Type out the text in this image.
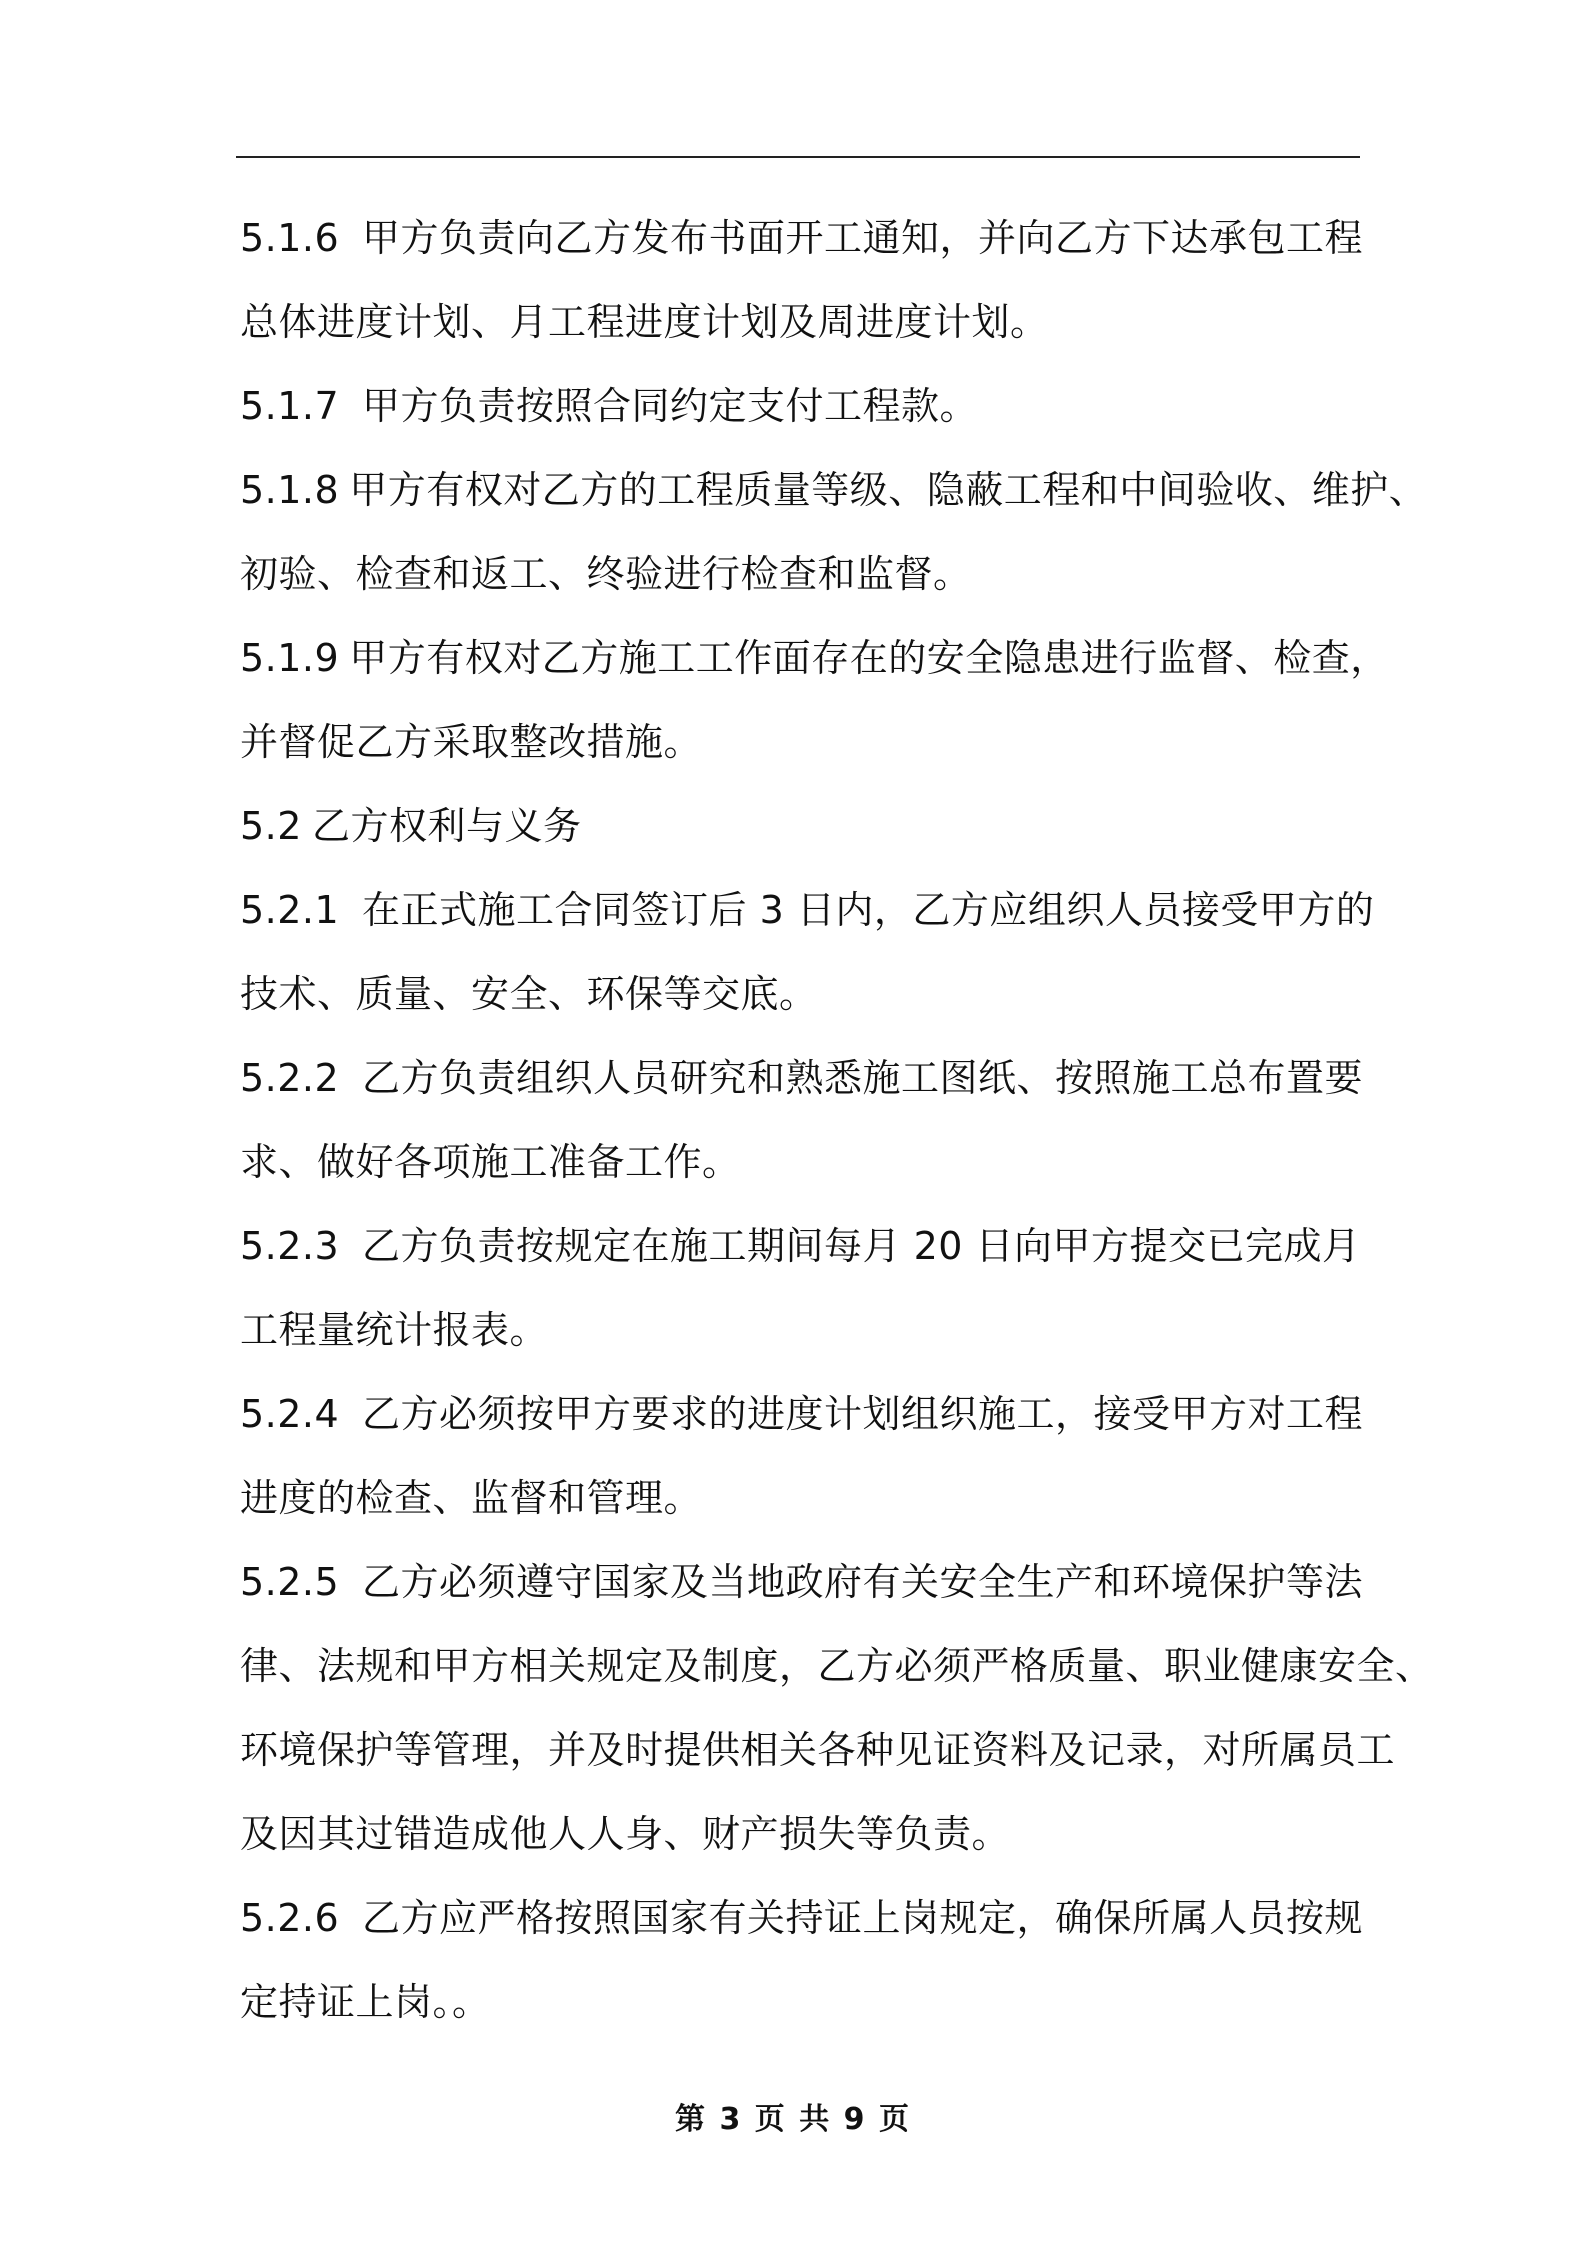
5.1.6 甲方负责向乙方发布书面开工通知，并向乙方下达承包工程
总体进度计划、月工程进度计划及周进度计划。
5.1.7 甲方负责按照合同约定支付工程款。
5.1.8 甲方有权对乙方的工程质量等级、隐蔽工程和中间验收、维护、
初验、检查和返工、终验进行检查和监督。
5.1.9 甲方有权对乙方施工工作面存在的安全隐患进行监督、检查，
并督促乙方采取整改措施。
5.2 乙方权利与义务
5.2.1 在正式施工合同签订后 3 日内，乙方应组织人员接受甲方的
技术、质量、安全、环保等交底。
5.2.2 乙方负责组织人员研究和熟悉施工图纸、按照施工总布置要
求、做好各项施工准备工作。
5.2.3 乙方负责按规定在施工期间每月 20 日向甲方提交已完成月
工程量统计报表。
5.2.4 乙方必须按甲方要求的进度计划组织施工，接受甲方对工程
进度的检查、监督和管理。
5.2.5 乙方必须遵守国家及当地政府有关安全生产和环境保护等法
律、法规和甲方相关规定及制度，乙方必须严格质量、职业健康安全、
环境保护等管理，并及时提供相关各种见证资料及记录，对所属员工
及因其过错造成他人人身、财产损失等负责。
5.2.6 乙方应严格按照国家有关持证上岗规定，确保所属人员按规
定持证上岗。。
第 3 页 共 9 页
